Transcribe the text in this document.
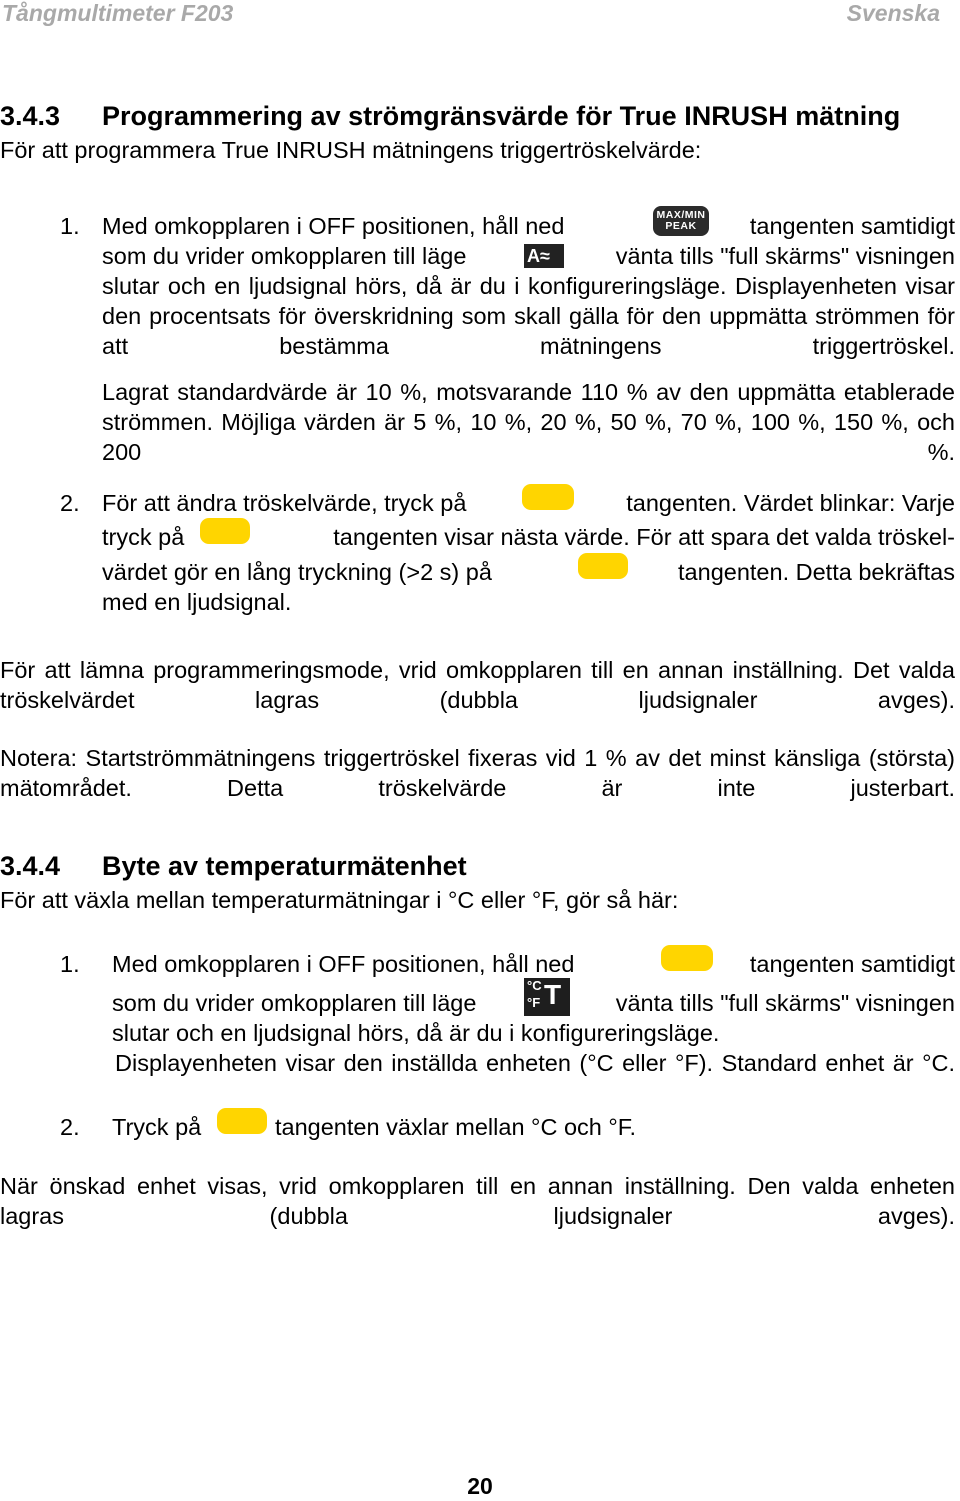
Tångmultimeter F203	Svenska
3.4.3 Programmering av strömgränsvärde för True INRUSH mätning
För att programmera True INRUSH mätningens triggertröskelvärde:
1. Med omkopplaren i OFF positionen, håll ned	MAX/MIN
PEAK	tangenten samtidigt
som du vrider omkopplaren till läge	A≈	vänta tills "full skärms" visningen
slutar och en ljudsignal hörs, då är du i konfigureringsläge. Displayenheten visar den procentsats för överskridning som skall gälla för den uppmätta strömmen för att bestämma mätningens triggertröskel.
Lagrat standardvärde är 10 %, motsvarande 110 % av den uppmätta etablerade strömmen. Möjliga värden är 5 %, 10 %, 20 %, 50 %, 70 %, 100 %, 150 %, och 200 %.
2. För att ändra tröskelvärde, tryck på	tangenten. Värdet blinkar: Varje
tryck på	tangenten visar nästa värde. För att spara det valda tröskel-
värdet gör en lång tryckning (>2 s) på	tangenten. Detta bekräftas
med en ljudsignal.
För att lämna programmeringsmode, vrid omkopplaren till en annan inställning. Det valda tröskelvärdet lagras (dubbla ljudsignaler avges).
Notera: Startströmmätningens triggertröskel fixeras vid 1 % av det minst känsliga (största) mätområdet. Detta tröskelvärde är inte justerbart.
3.4.4 Byte av temperaturmätenhet
För att växla mellan temperaturmätningar i °C eller °F, gör så här:
1. Med omkopplaren i OFF positionen, håll ned	tangenten samtidigt
som du vrider omkopplaren till läge
°C
°F T vänta tills "full skärms" visningen
slutar och en ljudsignal hörs, då är du i konfigureringsläge.
Displayenheten visar den inställda enheten (°C eller °F). Standard enhet är °C.
2. Tryck på	tangenten växlar mellan °C och °F.
När önskad enhet visas, vrid omkopplaren till en annan inställning. Den valda enheten lagras (dubbla ljudsignaler avges).
20
